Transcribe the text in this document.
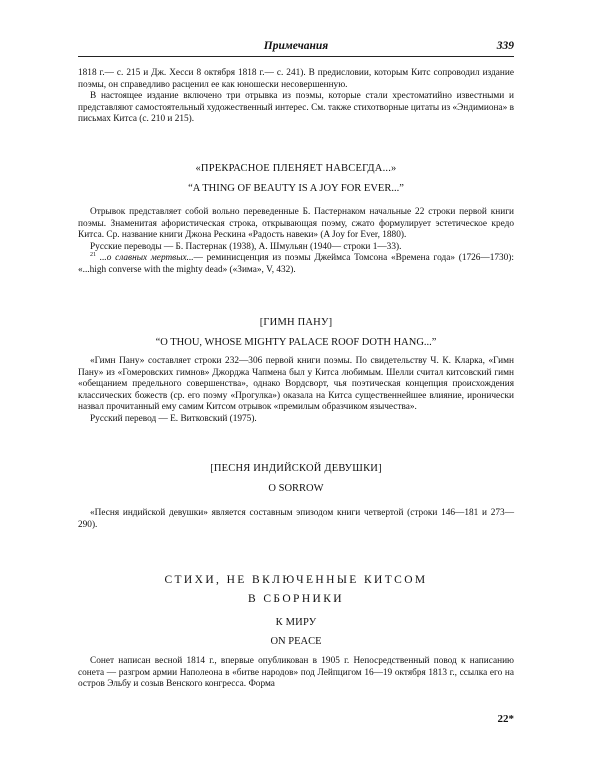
Примечания	339

1818 г.— с. 215 и Дж. Хесси 8 октября 1818 г.— с. 241). В предисловии, которым Китс сопроводил издание поэмы, он справедливо расценил ее как юношески несовершенную.

В настоящее издание включено три отрывка из поэмы, которые стали хрестоматийно известными и представляют самостоятельный художественный интерес. См. также стихотворные цитаты из «Эндимиона» в письмах Китса (с. 210 и 215).

«ПРЕКРАСНОЕ ПЛЕНЯЕТ НАВСЕГДА...»
“A THING OF BEAUTY IS A JOY FOR EVER...”

Отрывок представляет собой вольно переведенные Б. Пастернаком начальные 22 строки первой книги поэмы. Знаменитая афористическая строка, открывающая поэму, сжато формулирует эстетическое кредо Китса. Ср. название книги Джона Рескина «Радость навеки» (A Joy for Ever, 1880).

Русские переводы — Б. Пастернак (1938), А. Шмульян (1940— строки 1—33).

$^{21}$ ...о славных мертвых...— реминисценция из поэмы Джеймса Томсона «Времена года» (1726—1730): «...high converse with the mighty dead» («Зима», V, 432).

[ГИМН ПАНУ]
“O THOU, WHOSE MIGHTY PALACE ROOF DOTH HANG...”

«Гимн Пану» составляет строки 232—306 первой книги поэмы. По свидетельству Ч. К. Кларка, «Гимн Пану» из «Гомеровских гимнов» Джорджа Чапмена был у Китса любимым. Шелли считал китсовский гимн «обещанием предельного совершенства», однако Вордсворт, чья поэтическая концепция происхождения классических божеств (ср. его поэму «Прогулка») оказала на Китса существеннейшее влияние, иронически назвал прочитанный ему самим Китсом отрывок «премилым образчиком язычества».

Русский перевод — Е. Витковский (1975).

[ПЕСНЯ ИНДИЙСКОЙ ДЕВУШКИ]
O SORROW

«Песня индийской девушки» является составным эпизодом книги четвертой (строки 146—181 и 273—290).

СТИХИ, НЕ ВКЛЮЧЕННЫЕ КИТСОМ
В СБОРНИКИ
К МИРУ
ON PEACE

Сонет написан весной 1814 г., впервые опубликован в 1905 г. Непосредственный повод к написанию сонета — разгром армии Наполеона в «битве народов» под Лейпцигом 16—19 октября 1813 г., ссылка его на остров Эльбу и созыв Венского конгресса. Форма

22*
